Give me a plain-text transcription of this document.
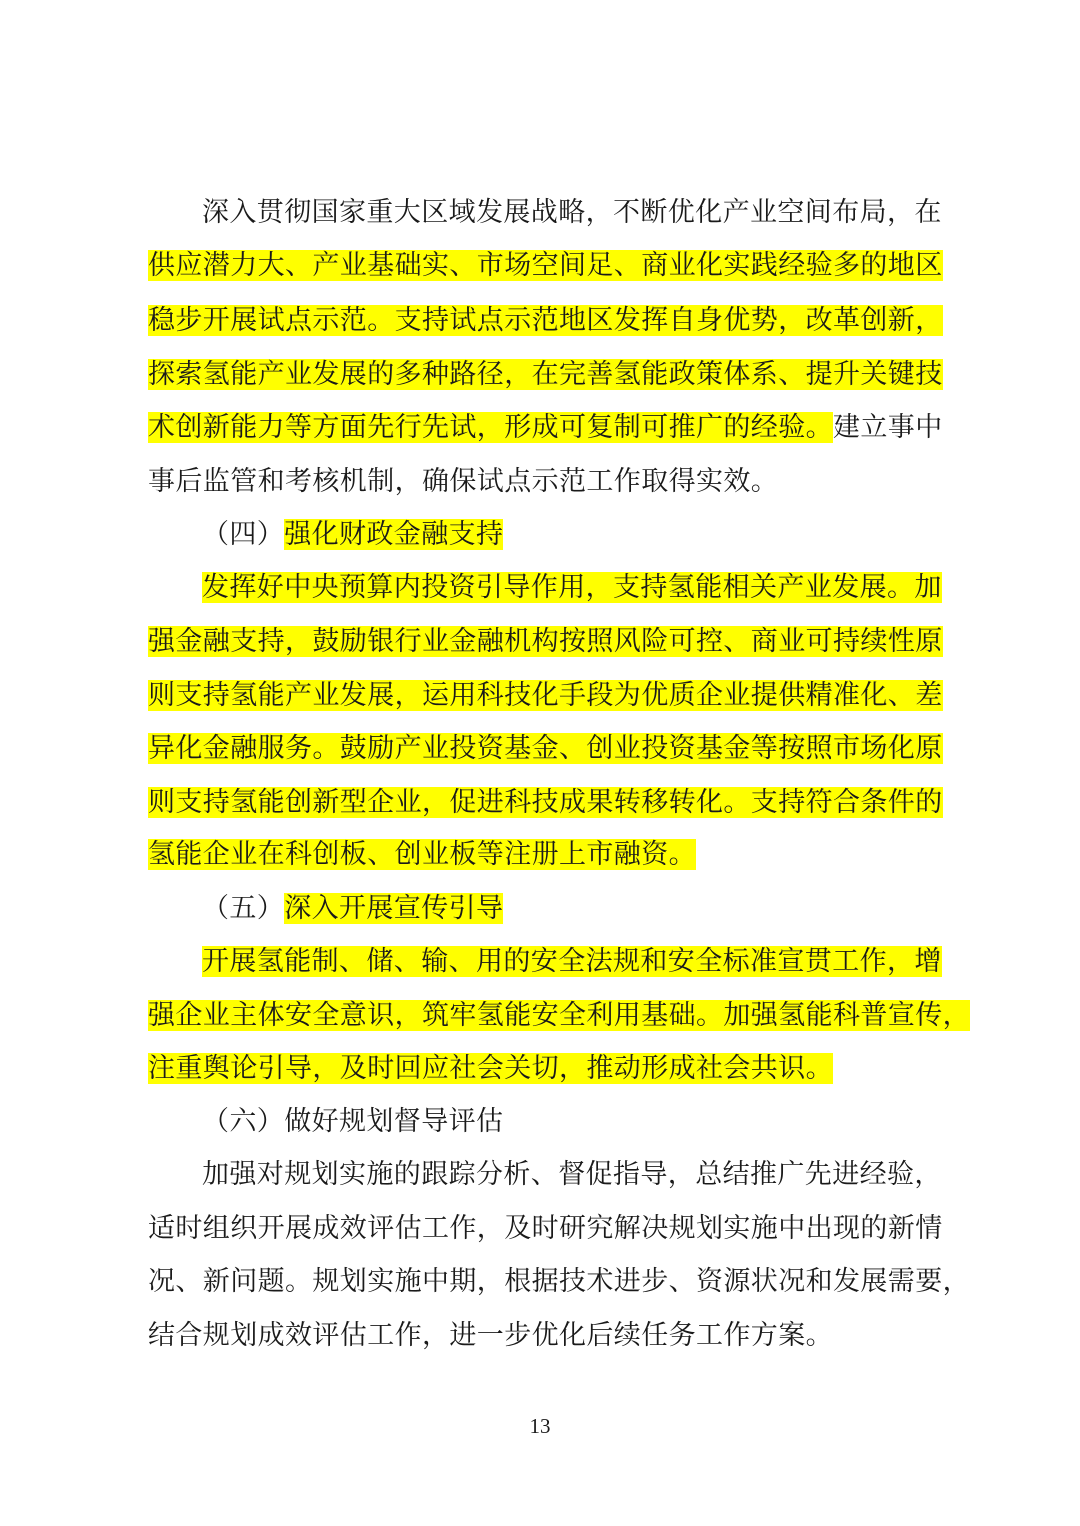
深入贯彻国家重大区域发展战略，不断优化产业空间布局，在
供应潜力大、产业基础实、市场空间足、商业化实践经验多的地区
稳步开展试点示范。支持试点示范地区发挥自身优势，改革创新，
探索氢能产业发展的多种路径，在完善氢能政策体系、提升关键技
术创新能力等方面先行先试，形成可复制可推广的经验。建立事中
事后监管和考核机制，确保试点示范工作取得实效。
（四）强化财政金融支持
发挥好中央预算内投资引导作用，支持氢能相关产业发展。加
强金融支持，鼓励银行业金融机构按照风险可控、商业可持续性原
则支持氢能产业发展，运用科技化手段为优质企业提供精准化、差
异化金融服务。鼓励产业投资基金、创业投资基金等按照市场化原
则支持氢能创新型企业，促进科技成果转移转化。支持符合条件的
氢能企业在科创板、创业板等注册上市融资。
（五）深入开展宣传引导
开展氢能制、储、输、用的安全法规和安全标准宣贯工作，增
强企业主体安全意识，筑牢氢能安全利用基础。加强氢能科普宣传，
注重舆论引导，及时回应社会关切，推动形成社会共识。
（六）做好规划督导评估
加强对规划实施的跟踪分析、督促指导，总结推广先进经验，
适时组织开展成效评估工作，及时研究解决规划实施中出现的新情
况、新问题。规划实施中期，根据技术进步、资源状况和发展需要，
结合规划成效评估工作，进一步优化后续任务工作方案。
13
